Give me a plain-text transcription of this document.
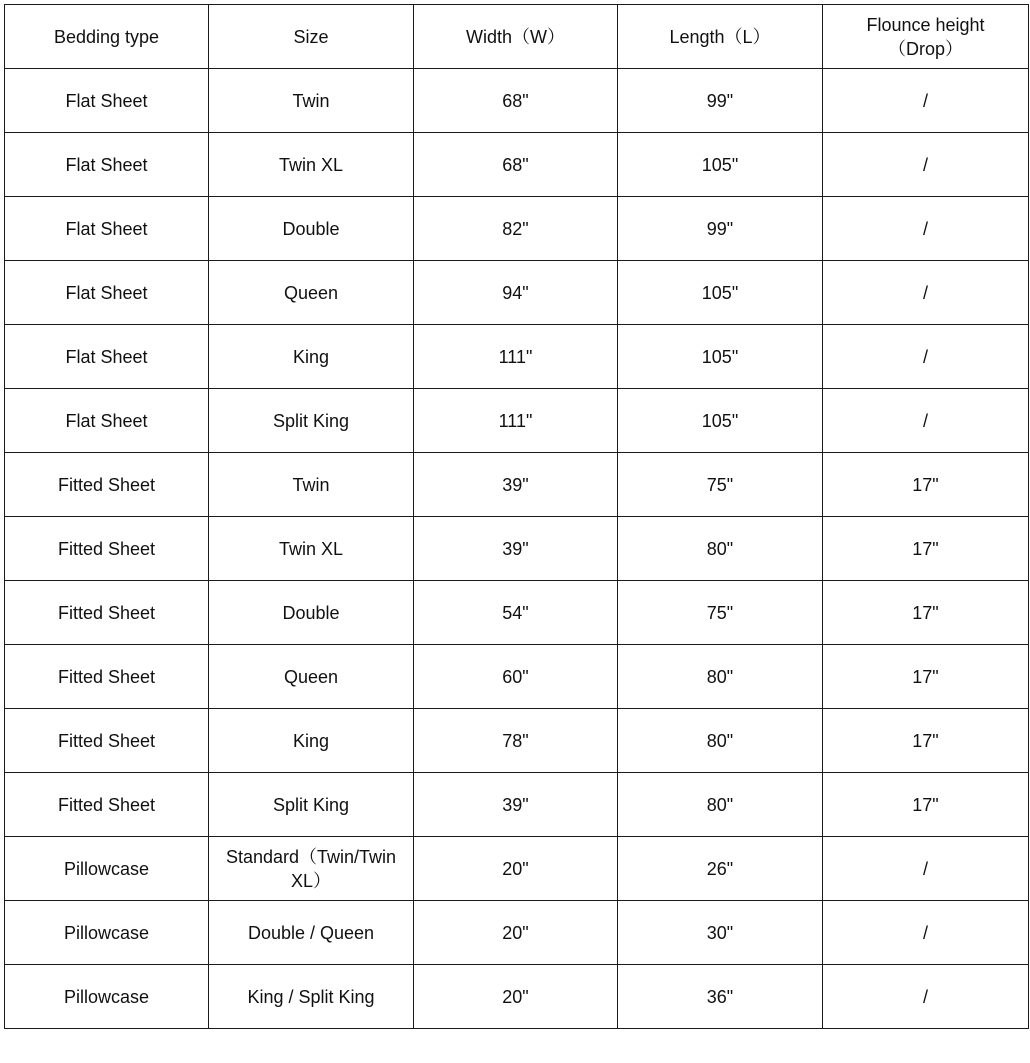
Bedding type	Size	Width（W）	Length（L）	Flounce height
（Drop）

Flat Sheet	Twin	68"	99"	/
Flat Sheet	Twin XL	68"	105"	/
Flat Sheet	Double	82"	99"	/
Flat Sheet	Queen	94"	105"	/
Flat Sheet	King	111"	105"	/
Flat Sheet	Split King	111"	105"	/
Fitted Sheet	Twin	39"	75"	17"
Fitted Sheet	Twin XL	39"	80"	17"
Fitted Sheet	Double	54"	75"	17"
Fitted Sheet	Queen	60"	80"	17"
Fitted Sheet	King	78"	80"	17"
Fitted Sheet	Split King	39"	80"	17"
Pillowcase	Standard（Twin/Twin XL）	20"	26"	/
Pillowcase	Double / Queen	20"	30"	/
Pillowcase	King / Split King	20"	36"	/
